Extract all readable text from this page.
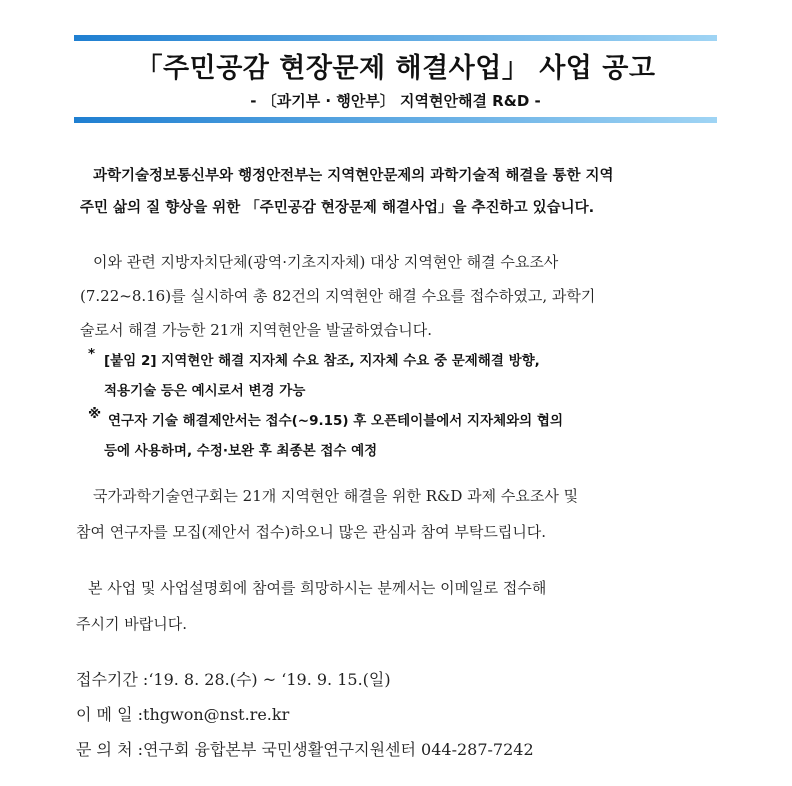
「주민공감 현장문제 해결사업」 사업 공고
- 〔과기부 · 행안부〕 지역현안해결 R&D -
과학기술정보통신부와 행정안전부는 지역현안문제의 과학기술적 해결을 통한 지역
주민 삶의 질 향상을 위한 「주민공감 현장문제 해결사업」을 추진하고 있습니다.
이와 관련 지방자치단체(광역·기초지자체) 대상 지역현안 해결 수요조사
(7.22~8.16)를 실시하여 총 82건의 지역현안 해결 수요를 접수하였고, 과학기
술로서 해결 가능한 21개 지역현안을 발굴하였습니다.
* [붙임 2] 지역현안 해결 지자체 수요 참조, 지자체 수요 중 문제해결 방향,
적용기술 등은 예시로서 변경 가능
※ 연구자 기술 해결제안서는 접수(~9.15) 후 오픈테이블에서 지자체와의 협의
등에 사용하며, 수정·보완 후 최종본 접수 예정
국가과학기술연구회는 21개 지역현안 해결을 위한 R&D 과제 수요조사 및
참여 연구자를 모집(제안서 접수)하오니 많은 관심과 참여 부탁드립니다.
본 사업 및 사업설명회에 참여를 희망하시는 분께서는 이메일로 접수해
주시기 바랍니다.
접수기간 :‘19. 8. 28.(수) ~ ‘19. 9. 15.(일)
이 메 일 :thgwon@nst.re.kr
문 의 처 :연구회 융합본부 국민생활연구지원센터 044-287-7242
